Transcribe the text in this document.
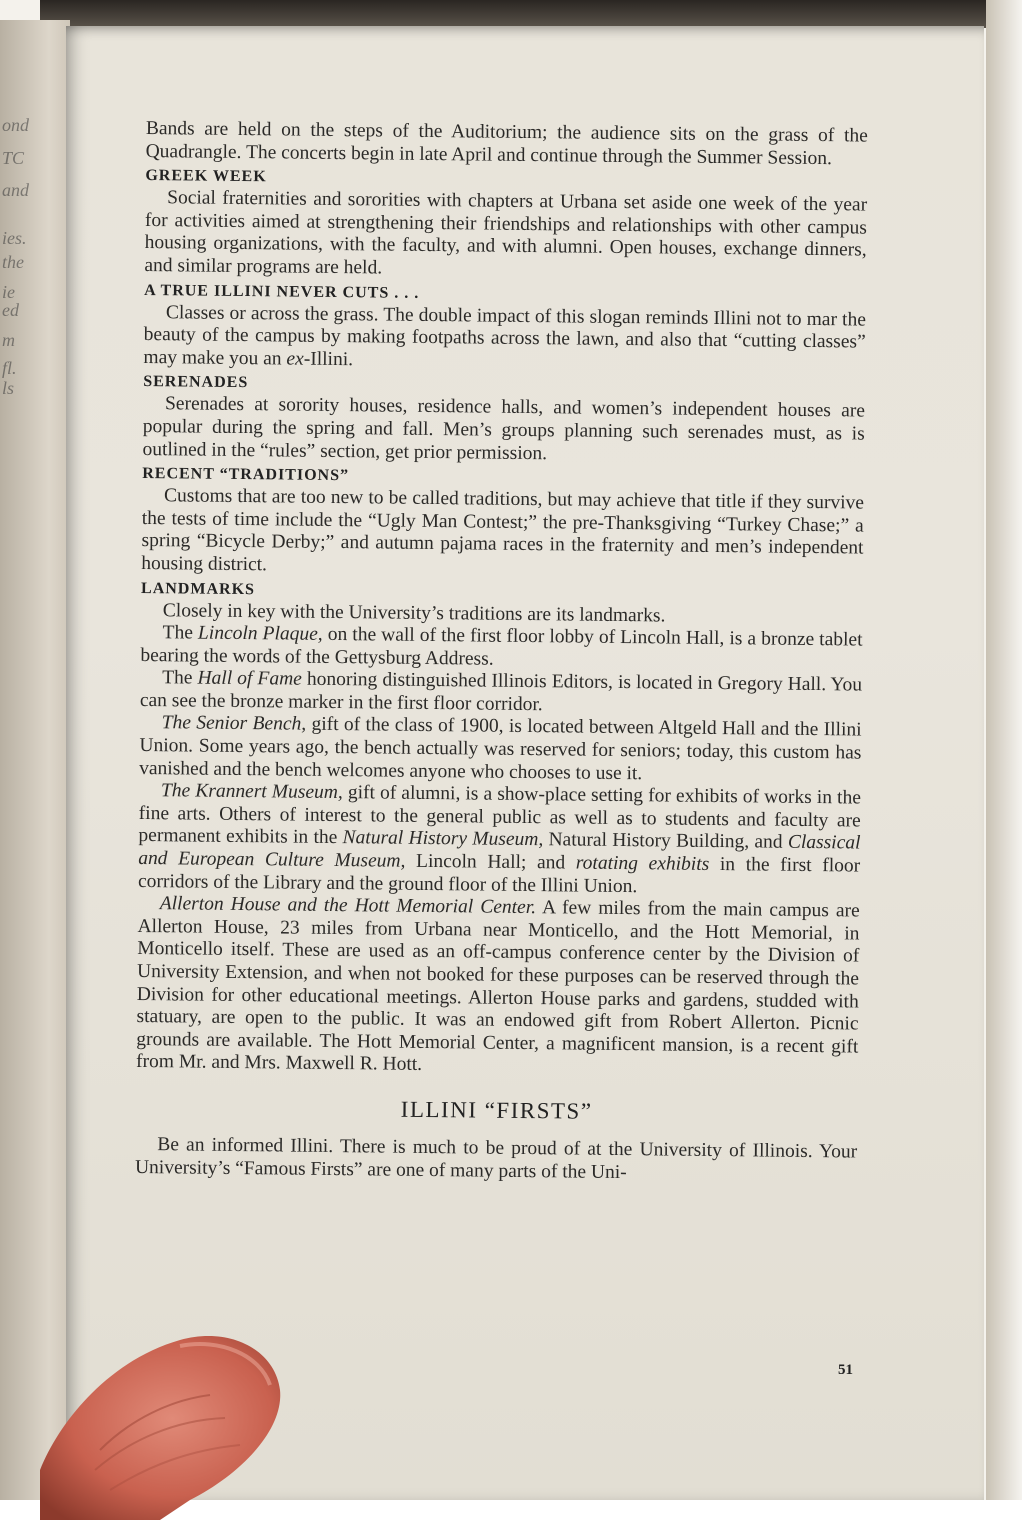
ond
TC
and
ies.
the
ie
ed
m
fl.
ls

Bands are held on the steps of the Auditorium; the audience sits on the grass of the Quadrangle. The concerts begin in late April and continue through the Summer Session.

GREEK WEEK

Social fraternities and sororities with chapters at Urbana set aside one week of the year for activities aimed at strengthening their friendships and relationships with other campus housing organizations, with the faculty, and with alumni. Open houses, exchange dinners, and similar programs are held.

A TRUE ILLINI NEVER CUTS . . .

Classes or across the grass. The double impact of this slogan reminds Illini not to mar the beauty of the campus by making footpaths across the lawn, and also that “cutting classes” may make you an ex-Illini.

SERENADES

Serenades at sorority houses, residence halls, and women’s independent houses are popular during the spring and fall. Men’s groups planning such serenades must, as is outlined in the “rules” section, get prior permission.

RECENT “TRADITIONS”

Customs that are too new to be called traditions, but may achieve that title if they survive the tests of time include the “Ugly Man Contest;” the pre-Thanksgiving “Turkey Chase;” a spring “Bicycle Derby;” and autumn pajama races in the fraternity and men’s independent housing district.

LANDMARKS

Closely in key with the University’s traditions are its landmarks.

The Lincoln Plaque, on the wall of the first floor lobby of Lincoln Hall, is a bronze tablet bearing the words of the Gettysburg Address.

The Hall of Fame honoring distinguished Illinois Editors, is located in Gregory Hall. You can see the bronze marker in the first floor corridor.

The Senior Bench, gift of the class of 1900, is located between Altgeld Hall and the Illini Union. Some years ago, the bench actually was reserved for seniors; today, this custom has vanished and the bench welcomes anyone who chooses to use it.

The Krannert Museum, gift of alumni, is a show-place setting for exhibits of works in the fine arts. Others of interest to the general public as well as to students and faculty are permanent exhibits in the Natural History Museum, Natural History Building, and Classical and European Culture Museum, Lincoln Hall; and rotating exhibits in the first floor corridors of the Library and the ground floor of the Illini Union.

Allerton House and the Hott Memorial Center. A few miles from the main campus are Allerton House, 23 miles from Urbana near Monticello, and the Hott Memorial, in Monticello itself. These are used as an off-campus conference center by the Division of University Extension, and when not booked for these purposes can be reserved through the Division for other educational meetings. Allerton House parks and gardens, studded with statuary, are open to the public. It was an endowed gift from Robert Allerton. Picnic grounds are available. The Hott Memorial Center, a magnificent mansion, is a recent gift from Mr. and Mrs. Maxwell R. Hott.

ILLINI “FIRSTS”

Be an informed Illini. There is much to be proud of at the University of Illinois. Your University’s “Famous Firsts” are one of many parts of the Uni-

51
